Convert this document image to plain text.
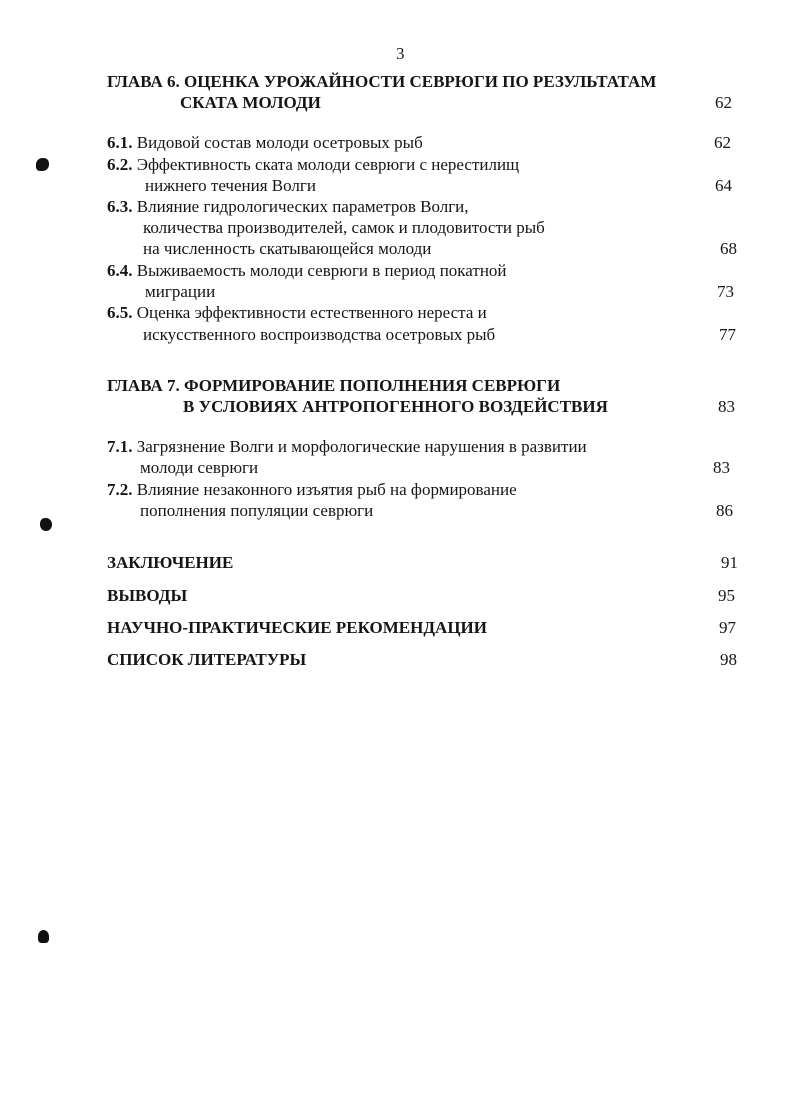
3
ГЛАВА 6. ОЦЕНКА УРОЖАЙНОСТИ СЕВРЮГИ ПО РЕЗУЛЬТАТАМ
СКАТА МОЛОДИ	62
6.1. Видовой состав молоди осетровых рыб	62
6.2. Эффективность ската молоди севрюги с нерестилищ
нижнего течения Волги	64
6.3. Влияние гидрологических параметров Волги,
количества производителей, самок и плодовитости рыб
на численность скатывающейся молоди	68
6.4. Выживаемость молоди севрюги в период покатной
миграции	73
6.5. Оценка эффективности естественного нереста и
искусственного воспроизводства осетровых рыб	77
ГЛАВА 7. ФОРМИРОВАНИЕ ПОПОЛНЕНИЯ СЕВРЮГИ
В УСЛОВИЯХ АНТРОПОГЕННОГО ВОЗДЕЙСТВИЯ	83
7.1. Загрязнение Волги и морфологические нарушения в развитии
молоди севрюги	83
7.2. Влияние незаконного изъятия рыб на формирование
пополнения популяции севрюги	86
ЗАКЛЮЧЕНИЕ	91
ВЫВОДЫ	95
НАУЧНО-ПРАКТИЧЕСКИЕ РЕКОМЕНДАЦИИ	97
СПИСОК ЛИТЕРАТУРЫ	98
